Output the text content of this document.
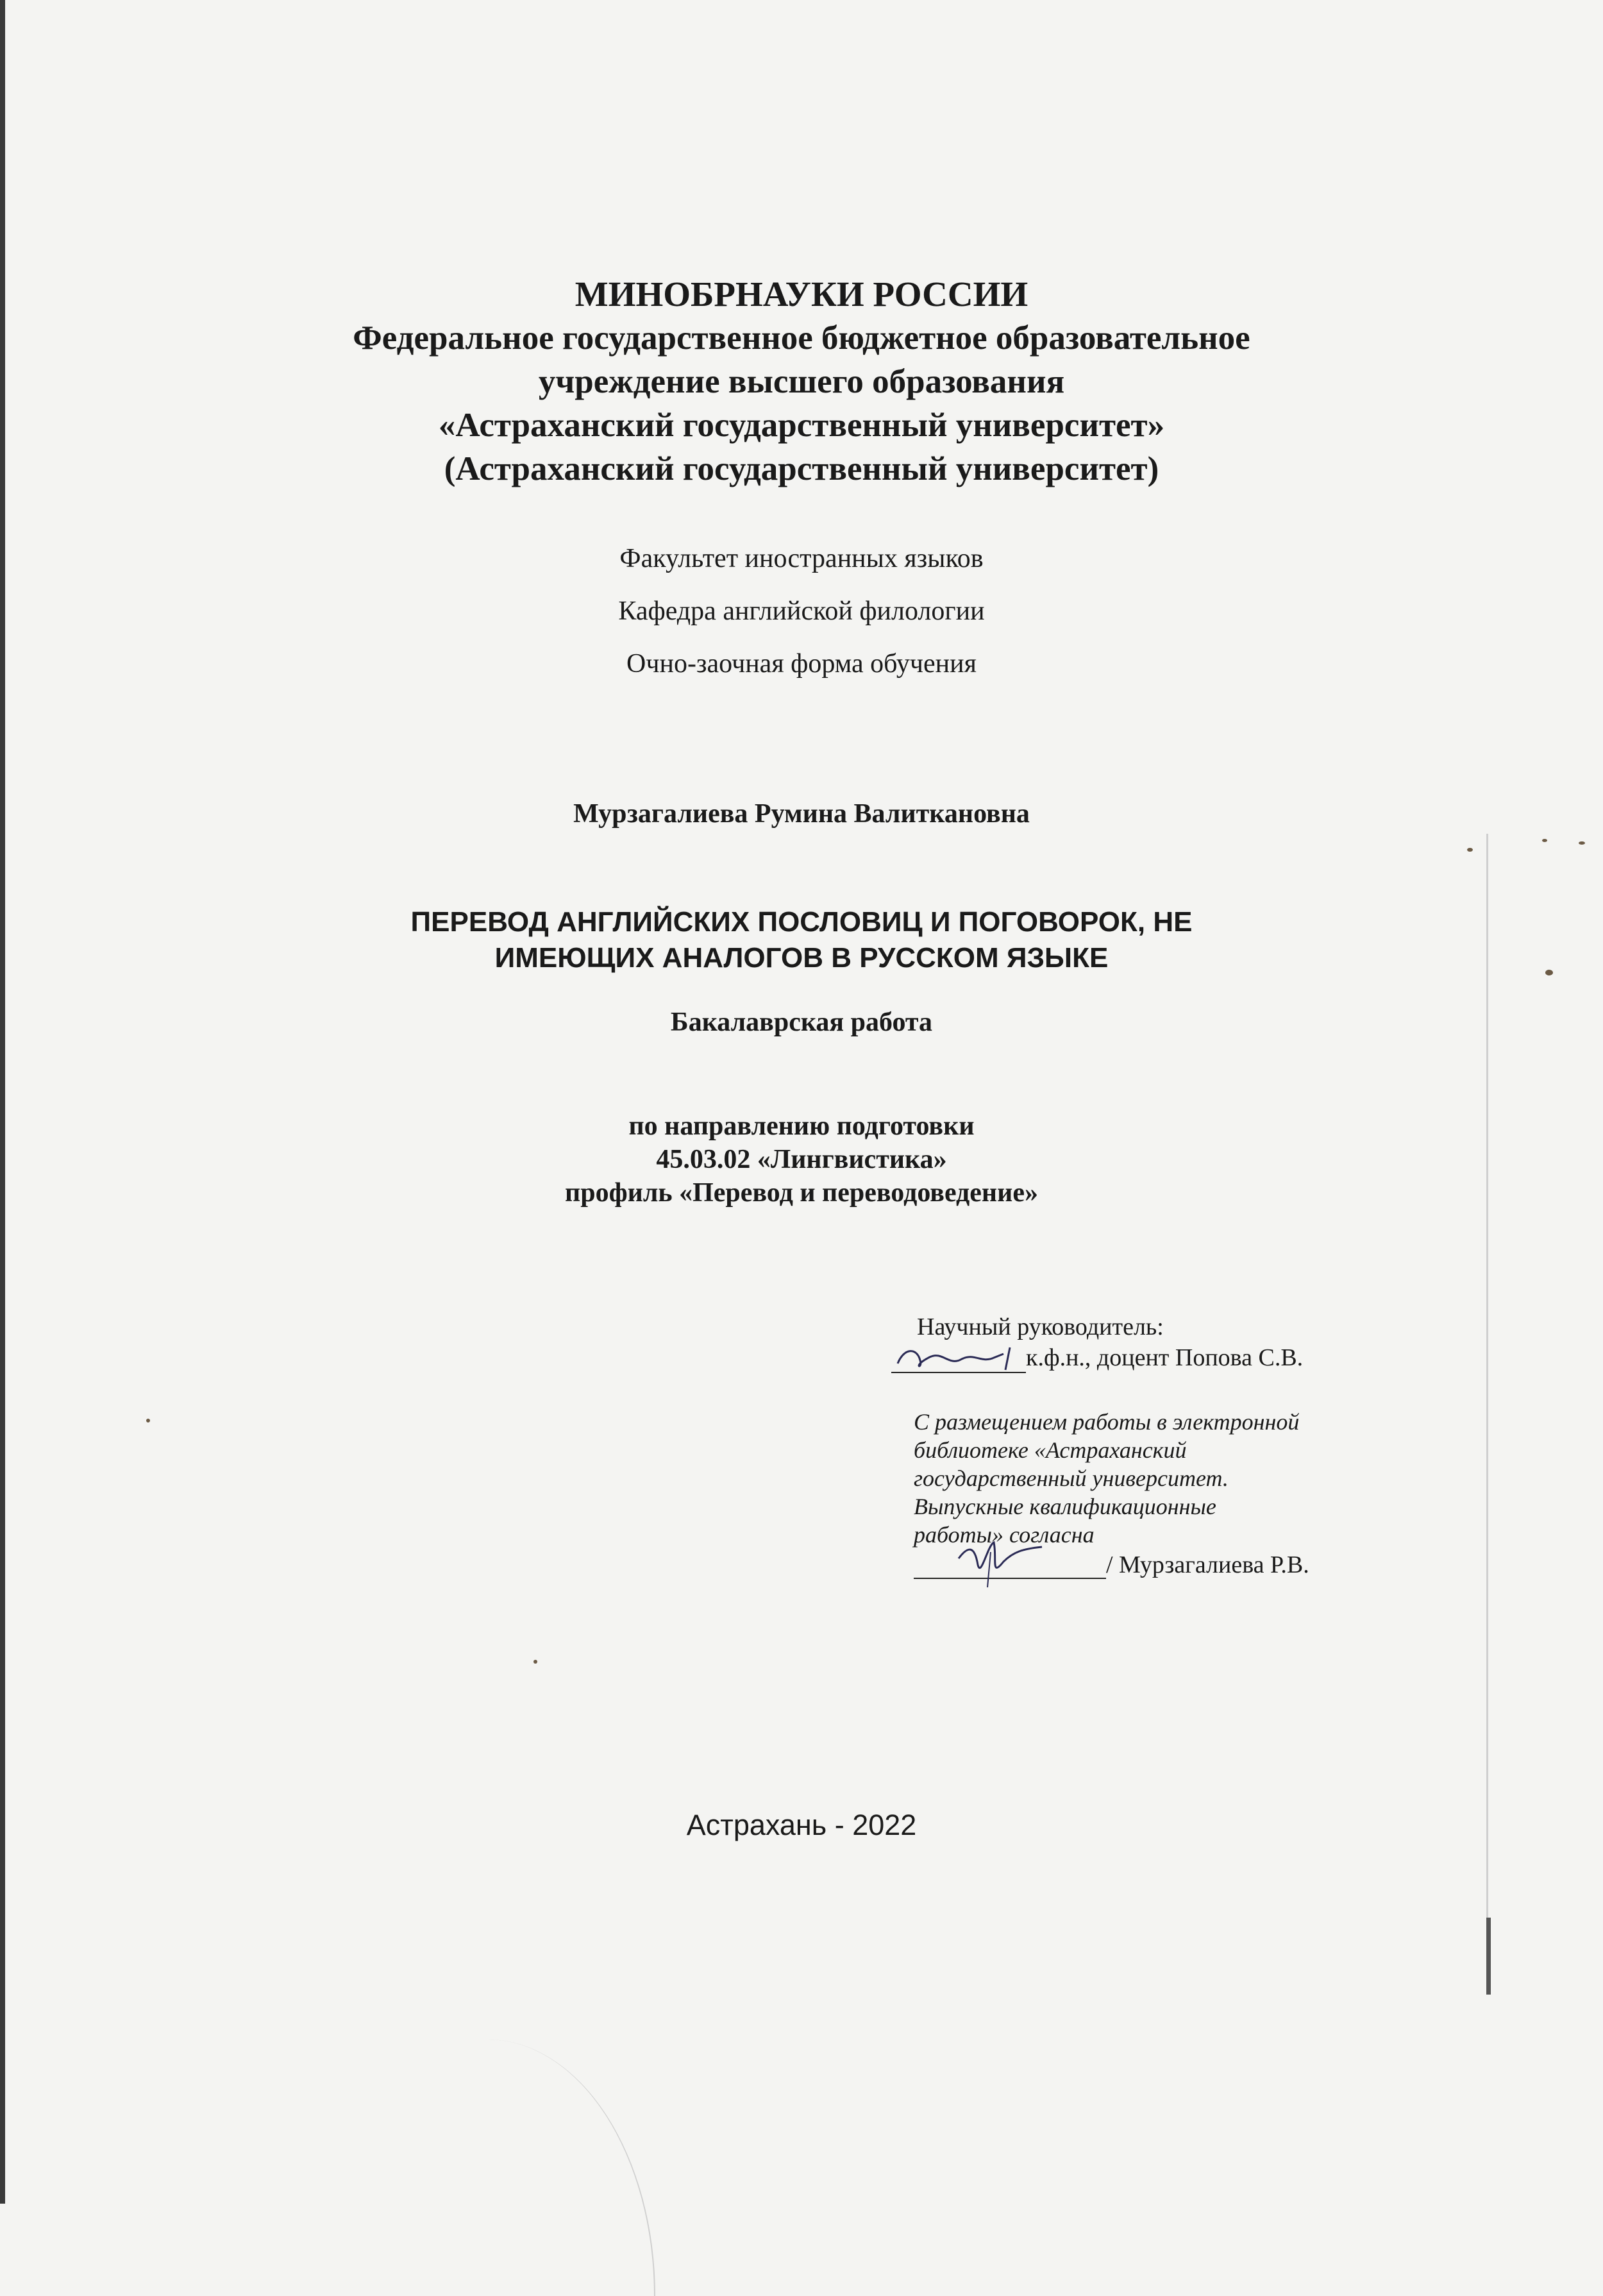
МИНОБРНАУКИ РОССИИ
Федеральное государственное бюджетное образовательное
учреждение высшего образования
«Астраханский государственный университет»
(Астраханский государственный университет)
Факультет иностранных языков
Кафедра английской филологии
Очно-заочная форма обучения
Мурзагалиева Румина Валиткановна
ПЕРЕВОД АНГЛИЙСКИХ ПОСЛОВИЦ И ПОГОВОРОК, НЕ
ИМЕЮЩИХ АНАЛОГОВ В РУССКОМ ЯЗЫКЕ
Бакалаврская работа
по направлению подготовки
45.03.02 «Лингвистика»
профиль «Перевод и переводоведение»
Научный руководитель:
к.ф.н., доцент Попова С.В.
С размещением работы в электронной
библиотеке «Астраханский
государственный университет.
Выпускные квалификационные
работы» согласна
/ Мурзагалиева Р.В.
Астрахань - 2022
